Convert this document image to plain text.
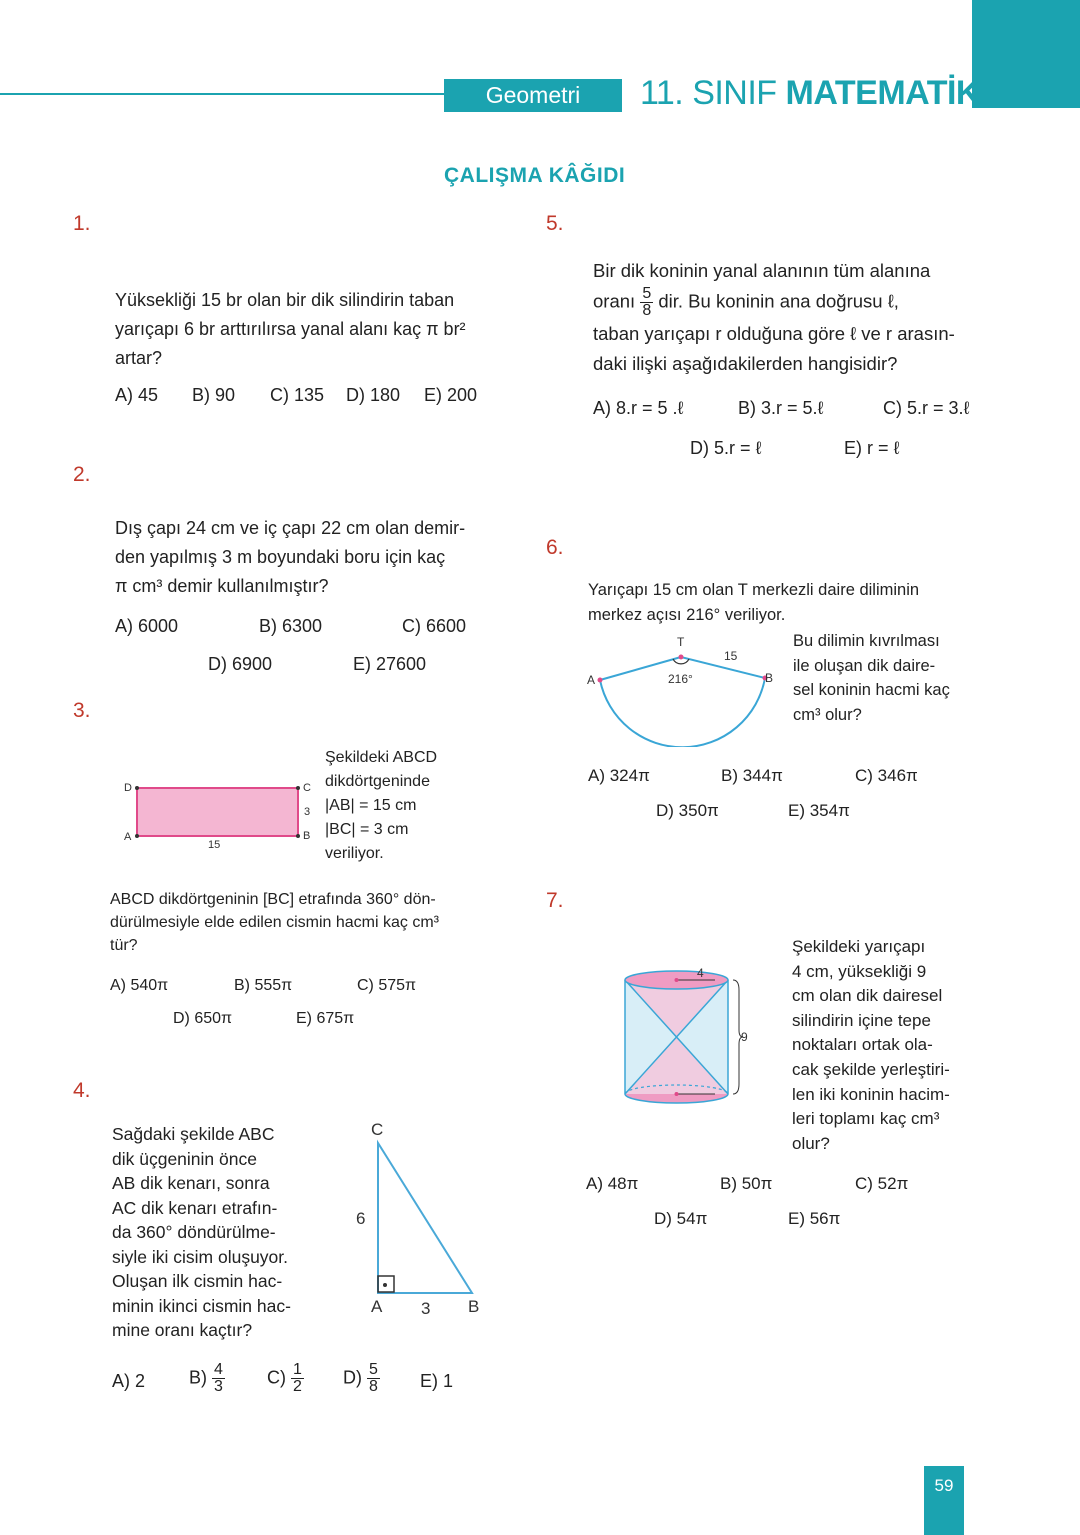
Geometri 11. SINIF MATEMATİK
ÇALIŞMA KÂĞIDI
1.
Yüksekliği 15 br olan bir dik silindirin taban
yarıçapı 6 br arttırılırsa yanal alanı kaç π br²
artar?
A) 45 B) 90 C) 135 D) 180 E) 200
2.
Dış çapı 24 cm ve iç çapı 22 cm olan demir-
den yapılmış 3 m boyundaki boru için kaç
π cm³ demir kullanılmıştır?
A) 6000	B) 6300	C) 6600
D) 6900	E) 27600
3.
D	C
A	B
15
3
Şekildeki ABCD
dikdörtgeninde
|AB| = 15 cm
|BC| = 3 cm
veriliyor.
ABCD dikdörtgeninin [BC] etrafında 360° dön-
dürülmesiyle elde edilen cismin hacmi kaç cm³
tür?
A) 540π	B) 555π	C) 575π
D) 650π	E) 675π
4.
Sağdaki şekilde ABC
dik üçgeninin önce
AB dik kenarı, sonra
AC dik kenarı etrafın-
da 360° döndürülme-
siyle iki cisim oluşuyor.
Oluşan ilk cismin hac-
minin ikinci cismin hac-
mine oranı kaçtır?
C
A	B
6
3
A) 2 $B) \frac{4}{3} C) \frac{1}{2} D) \frac{5}{8} E$) 1
5.
Bir dik koninin yanal alanının tüm alanına
oranı $\frac{5}{8}$ dir. Bu koninin ana doğrusu ℓ,
taban yarıçapı r olduğuna göre ℓ ve r arasın-
daki ilişki aşağıdakilerden hangisidir?
A) 8.r = 5 .ℓ	B) 3.r = 5.ℓ	C) 5.r = 3.ℓ
D) 5.r = ℓ	E) r = ℓ
6.
Yarıçapı 15 cm olan T merkezli daire diliminin
merkez açısı 216° veriliyor.
T
A	B
15
216°
Bu dilimin kıvrılması
ile oluşan dik daire-
sel koninin hacmi kaç
cm³ olur?
A) 324π	B) 344π	C) 346π
D) 350π	E) 354π
7.
4
9
Şekildeki yarıçapı
4 cm, yüksekliği 9
cm olan dik dairesel
silindirin içine tepe
noktaları ortak ola-
cak şekilde yerleştiri-
len iki koninin hacim-
leri toplamı kaç cm³
olur?
A) 48π	B) 50π	C) 52π
D) 54π	E) 56π
59
